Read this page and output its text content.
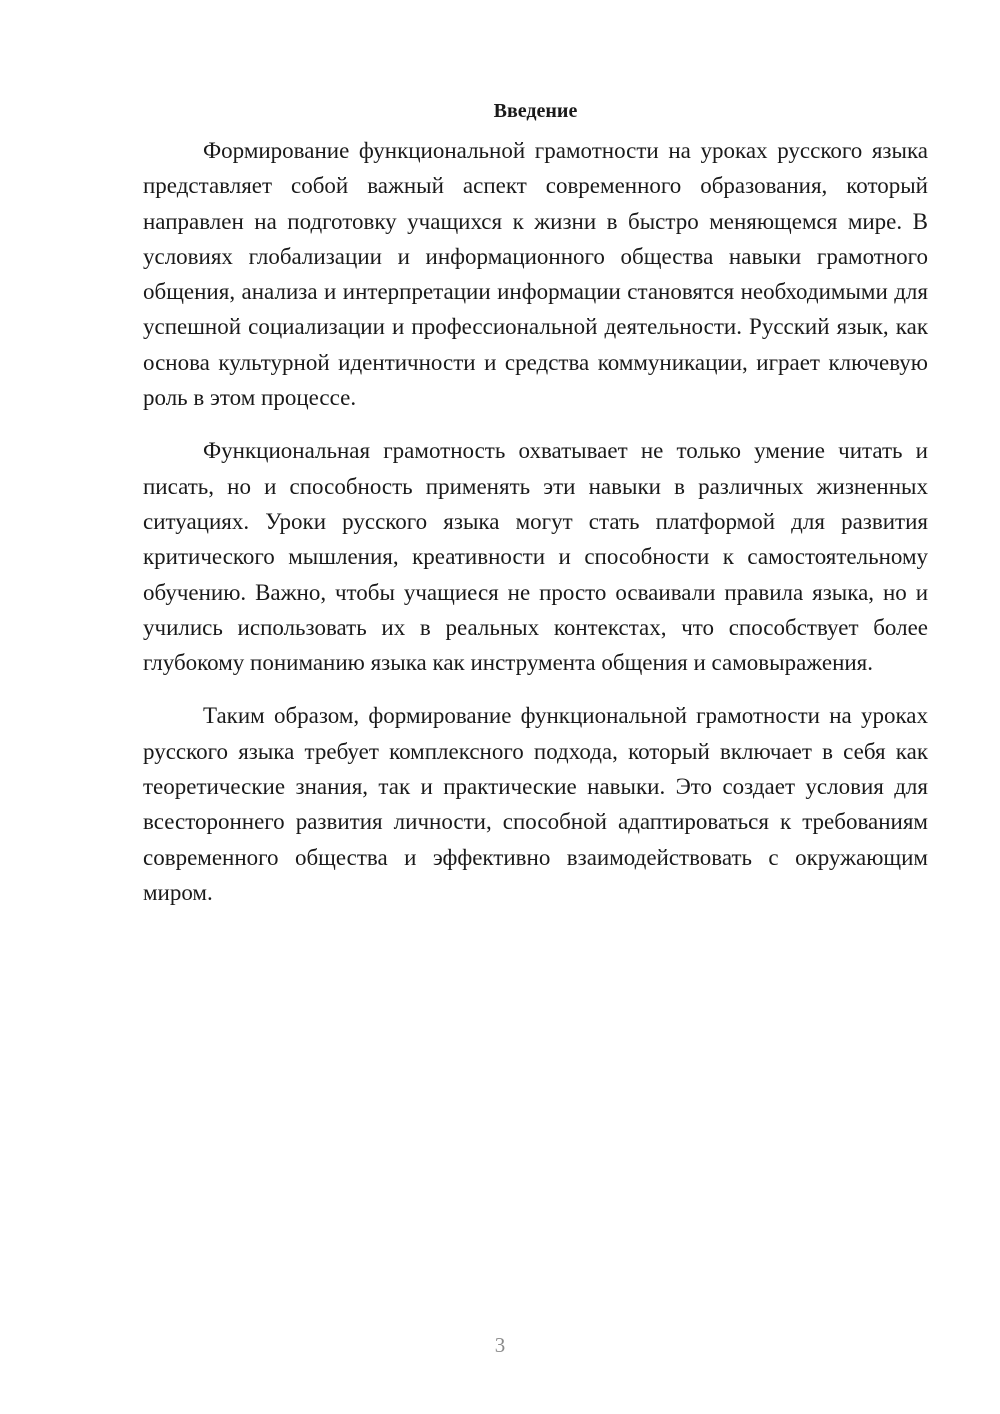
Введение

Формирование функциональной грамотности на уроках русского языка представляет собой важный аспект современного образования, который направлен на подготовку учащихся к жизни в быстро меняющемся мире. В условиях глобализации и информационного общества навыки грамотного общения, анализа и интерпретации информации становятся необходимыми для успешной социализации и профессиональной деятельности. Русский язык, как основа культурной идентичности и средства коммуникации, играет ключевую роль в этом процессе.

Функциональная грамотность охватывает не только умение читать и писать, но и способность применять эти навыки в различных жизненных ситуациях. Уроки русского языка могут стать платформой для развития критического мышления, креативности и способности к самостоятельному обучению. Важно, чтобы учащиеся не просто осваивали правила языка, но и учились использовать их в реальных контекстах, что способствует более глубокому пониманию языка как инструмента общения и самовыражения.

Таким образом, формирование функциональной грамотности на уроках русского языка требует комплексного подхода, который включает в себя как теоретические знания, так и практические навыки. Это создает условия для всестороннего развития личности, способной адаптироваться к требованиям современного общества и эффективно взаимодействовать с окружающим миром.

3
